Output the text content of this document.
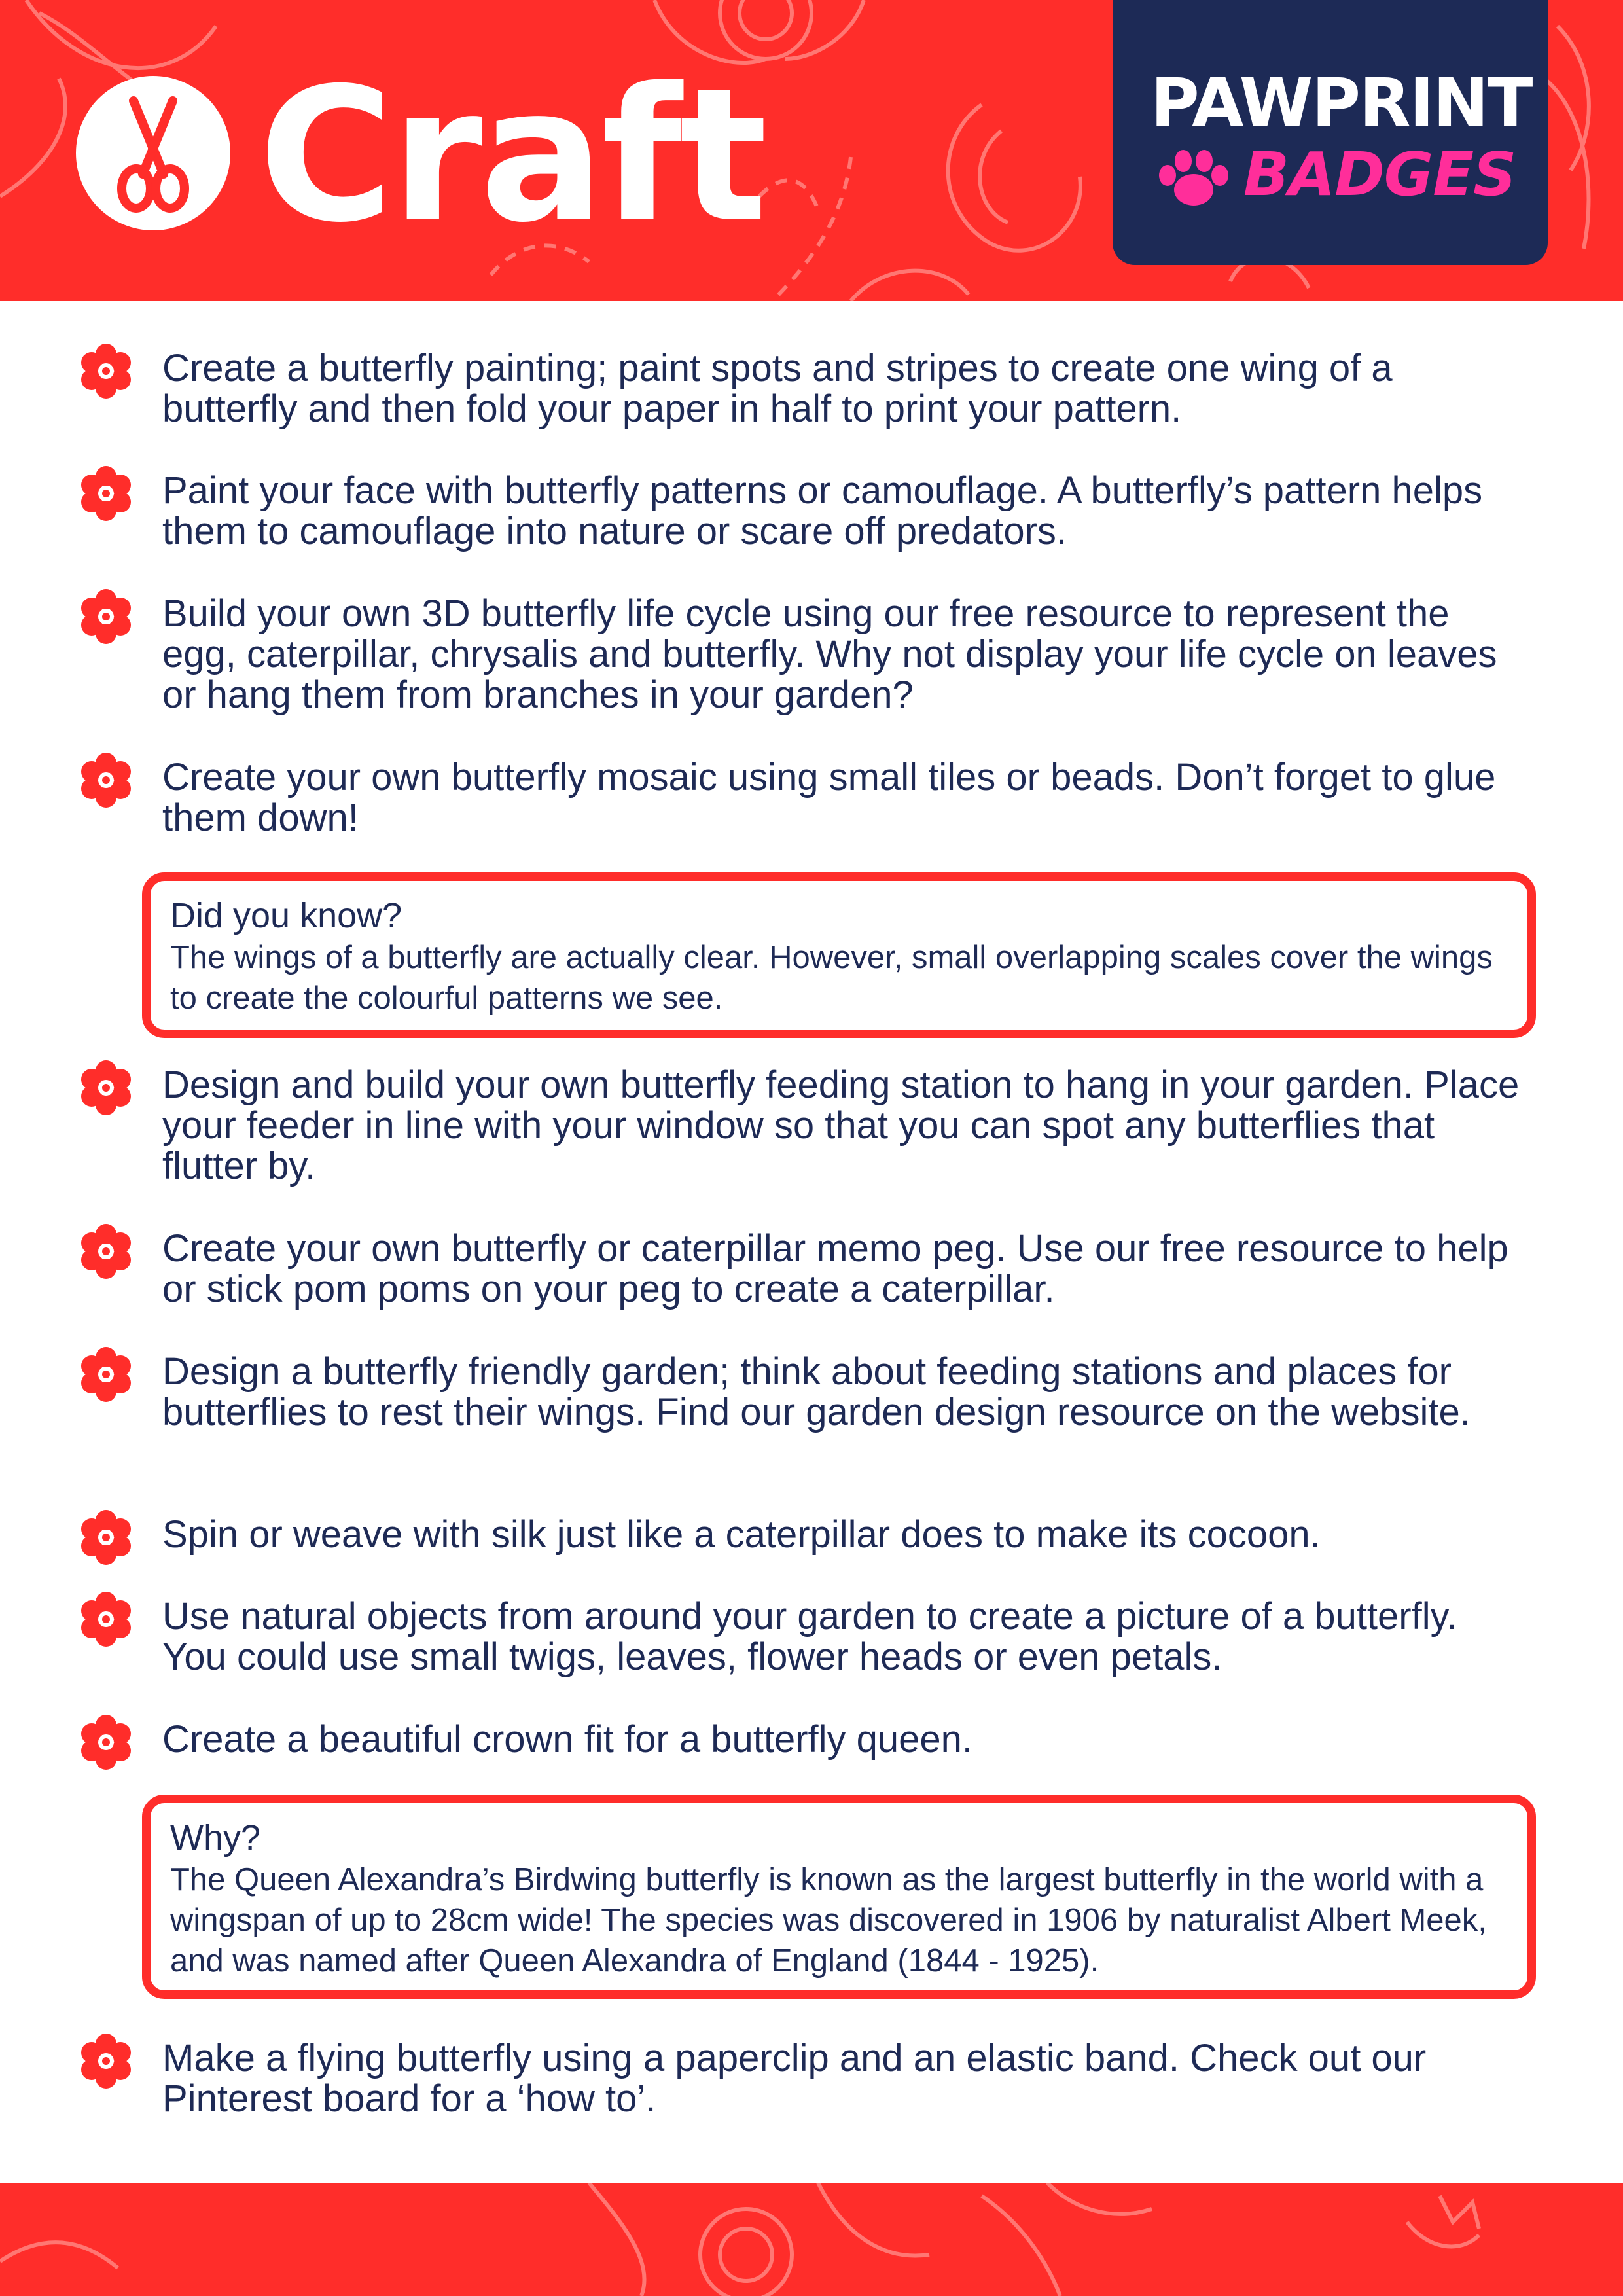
Craft	PAWPRINT
BADGES
Create a butterfly painting; paint spots and stripes to create one wing of a butterfly and then fold your paper in half to print your pattern.
Paint your face with butterfly patterns or camouflage. A butterfly’s pattern helps them to camouflage into nature or scare off predators.
Build your own 3D butterfly life cycle using our free resource to represent the egg, caterpillar, chrysalis and butterfly. Why not display your life cycle on leaves or hang them from branches in your garden?
Create your own butterfly mosaic using small tiles or beads. Don’t forget to glue them down!
Did you know?
The wings of a butterfly are actually clear. However, small overlapping scales cover the wings to create the colourful patterns we see.
Design and build your own butterfly feeding station to hang in your garden. Place your feeder in line with your window so that you can spot any butterflies that flutter by.
Create your own butterfly or caterpillar memo peg. Use our free resource to help or stick pom poms on your peg to create a caterpillar.
Design a butterfly friendly garden; think about feeding stations and places for butterflies to rest their wings. Find our garden design resource on the website.
Spin or weave with silk just like a caterpillar does to make its cocoon.
Use natural objects from around your garden to create a picture of a butterfly. You could use small twigs, leaves, flower heads or even petals.
Create a beautiful crown fit for a butterfly queen.
Why?
The Queen Alexandra’s Birdwing butterfly is known as the largest butterfly in the world with a wingspan of up to 28cm wide! The species was discovered in 1906 by naturalist Albert Meek, and was named after Queen Alexandra of England (1844 - 1925).
Make a flying butterfly using a paperclip and an elastic band. Check out our Pinterest board for a ‘how to’.
